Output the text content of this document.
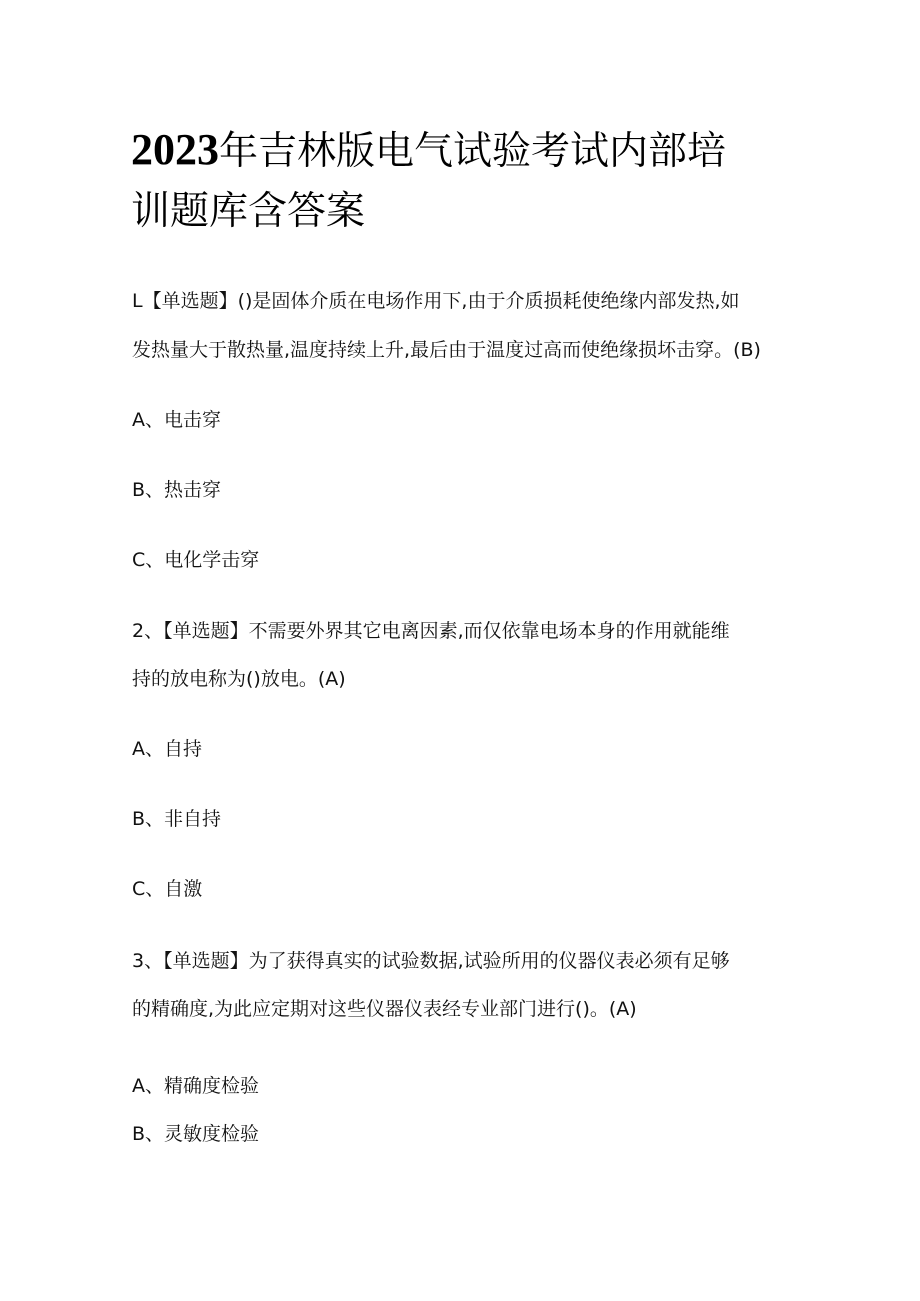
2023年吉林版电气试验考试内部培
训题库含答案
L【单选题】()是固体介质在电场作用下,由于介质损耗使绝缘内部发热,如
发热量大于散热量,温度持续上升,最后由于温度过高而使绝缘损坏击穿。(B)
A、电击穿
B、热击穿
C、电化学击穿
2、【单选题】不需要外界其它电离因素,而仅依靠电场本身的作用就能维
持的放电称为()放电。(A)
A、自持
B、非自持
C、自激
3、【单选题】为了获得真实的试验数据,试验所用的仪器仪表必须有足够
的精确度,为此应定期对这些仪器仪表经专业部门进行()。(A)
A、精确度检验
B、灵敏度检验
